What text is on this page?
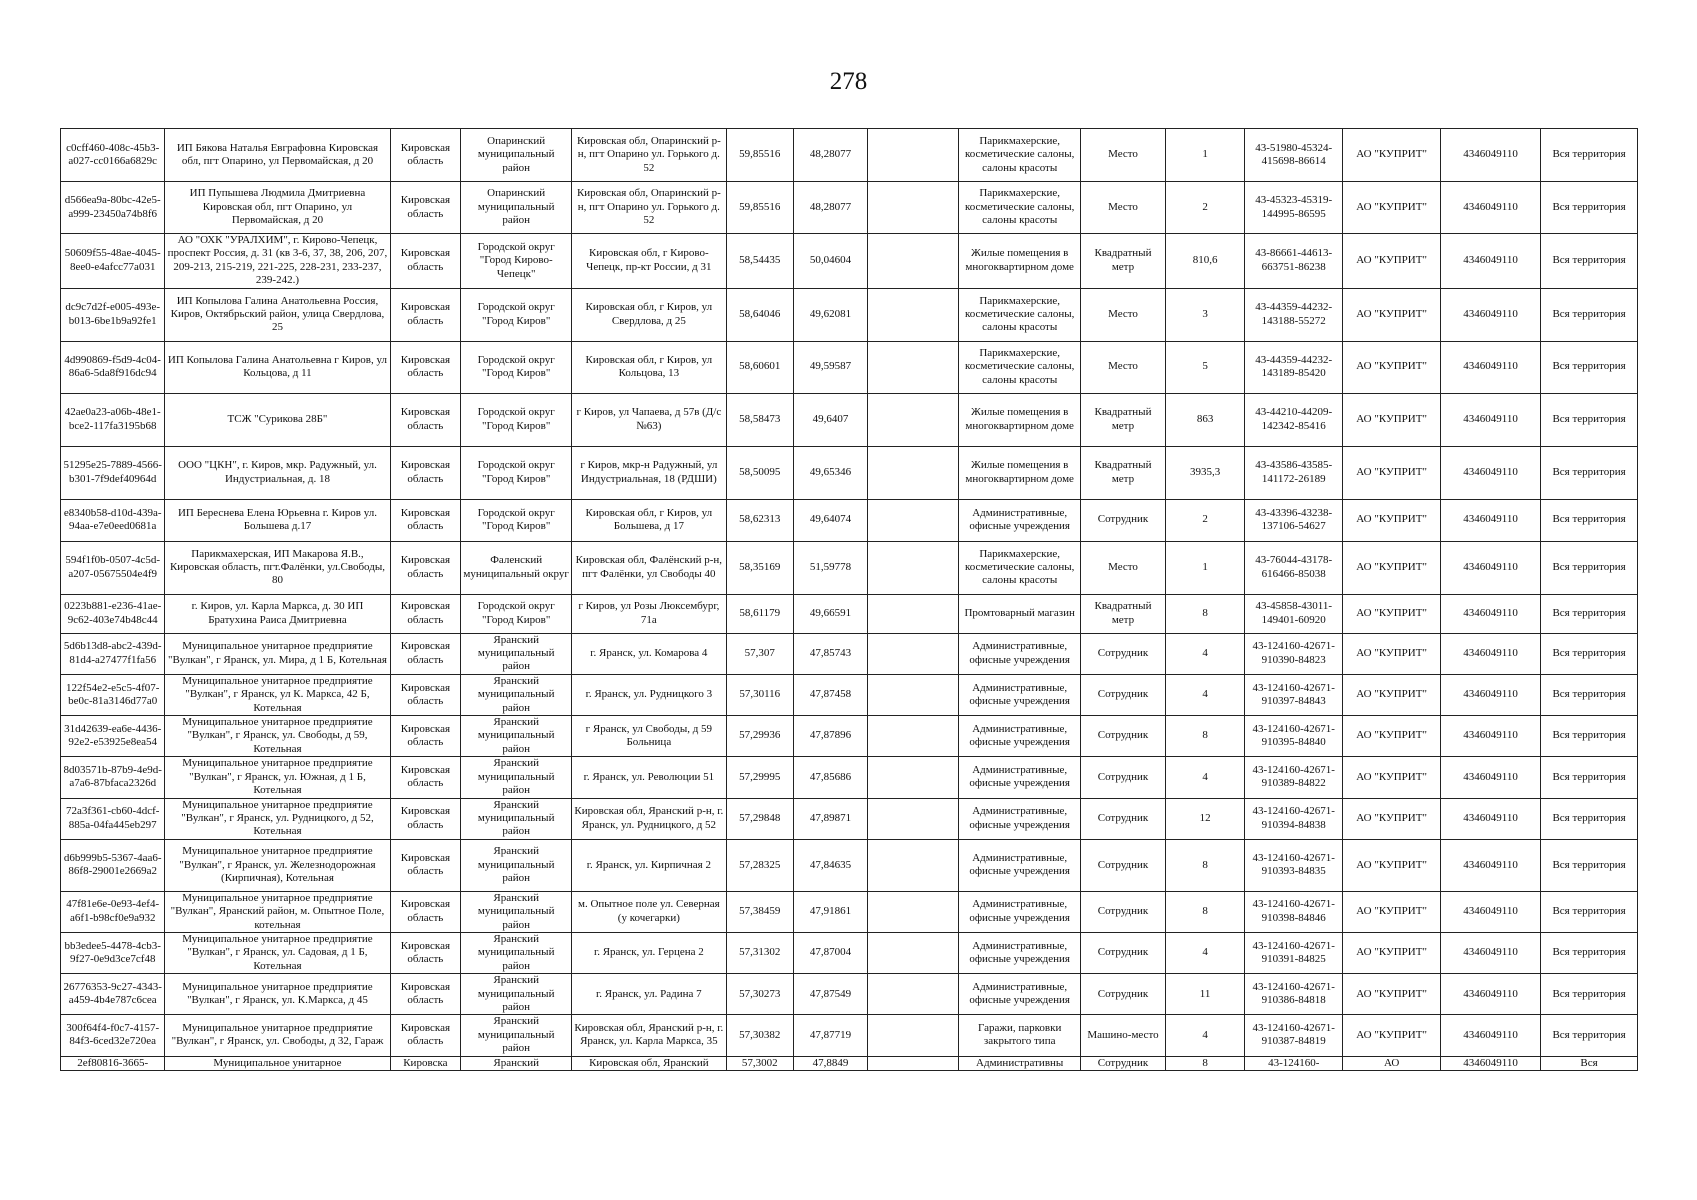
278
c0cff460-408c-45b3-a027-cc0166a6829c	ИП Бякова Наталья Евграфовна Кировская обл, пгт Опарино, ул Первомайская, д 20	Кировская область	Опаринский муниципальный район	Кировская обл, Опаринский р-н, пгт Опарино ул. Горького д. 52	59,85516	48,28077		Парикмахерские, косметические салоны, салоны красоты	Место	1	43-51980-45324-415698-86614	АО "КУПРИТ"	4346049110	Вся территория
d566ea9a-80bc-42e5-a999-23450a74b8f6	ИП Пупышева Людмила Дмитриевна Кировская обл, пгт Опарино, ул Первомайская, д 20	Кировская область	Опаринский муниципальный район	Кировская обл, Опаринский р-н, пгт Опарино ул. Горького д. 52	59,85516	48,28077		Парикмахерские, косметические салоны, салоны красоты	Место	2	43-45323-45319-144995-86595	АО "КУПРИТ"	4346049110	Вся территория
50609f55-48ae-4045-8ee0-e4afcc77a031	АО "ОХК "УРАЛХИМ", г. Кирово-Чепецк, проспект Россия, д. 31 (кв 3-6, 37, 38, 206, 207, 209-213, 215-219, 221-225, 228-231, 233-237, 239-242.)	Кировская область	Городской округ "Город Кирово-Чепецк"	Кировская обл, г Кирово-Чепецк, пр-кт России, д 31	58,54435	50,04604		Жилые помещения в многоквартирном доме	Квадратный метр	810,6	43-86661-44613-663751-86238	АО "КУПРИТ"	4346049110	Вся территория
dc9c7d2f-e005-493e-b013-6be1b9a92fe1	ИП Копылова Галина Анатольевна Россия, Киров, Октябрьский район, улица Свердлова, 25	Кировская область	Городской округ "Город Киров"	Кировская обл, г Киров, ул Свердлова, д 25	58,64046	49,62081		Парикмахерские, косметические салоны, салоны красоты	Место	3	43-44359-44232-143188-55272	АО "КУПРИТ"	4346049110	Вся территория
4d990869-f5d9-4c04-86a6-5da8f916dc94	ИП Копылова Галина Анатольевна г Киров, ул Кольцова, д 11	Кировская область	Городской округ "Город Киров"	Кировская обл, г Киров, ул Кольцова, 13	58,60601	49,59587		Парикмахерские, косметические салоны, салоны красоты	Место	5	43-44359-44232-143189-85420	АО "КУПРИТ"	4346049110	Вся территория
42ae0a23-a06b-48e1-bce2-117fa3195b68	ТСЖ "Сурикова 28Б"	Кировская область	Городской округ "Город Киров"	г Киров, ул Чапаева, д 57в (Д/с №63)	58,58473	49,6407		Жилые помещения в многоквартирном доме	Квадратный метр	863	43-44210-44209-142342-85416	АО "КУПРИТ"	4346049110	Вся территория
51295e25-7889-4566-b301-7f9def40964d	ООО "ЦКН", г. Киров, мкр. Радужный, ул. Индустриальная, д. 18	Кировская область	Городской округ "Город Киров"	г Киров, мкр-н Радужный, ул Индустриальная, 18 (РДШИ)	58,50095	49,65346		Жилые помещения в многоквартирном доме	Квадратный метр	3935,3	43-43586-43585-141172-26189	АО "КУПРИТ"	4346049110	Вся территория
e8340b58-d10d-439a-94aa-e7e0eed0681a	ИП Береснева Елена Юрьевна г. Киров ул. Большева д.17	Кировская область	Городской округ "Город Киров"	Кировская обл, г Киров, ул Большева, д 17	58,62313	49,64074		Административные, офисные учреждения	Сотрудник	2	43-43396-43238-137106-54627	АО "КУПРИТ"	4346049110	Вся территория
594f1f0b-0507-4c5d-a207-05675504e4f9	Парикмахерская, ИП Макарова Я.В., Кировская область, пгт.Фалёнки, ул.Свободы, 80	Кировская область	Фаленский муниципальный округ	Кировская обл, Фалёнский р-н, пгт Фалёнки, ул Свободы 40	58,35169	51,59778		Парикмахерские, косметические салоны, салоны красоты	Место	1	43-76044-43178-616466-85038	АО "КУПРИТ"	4346049110	Вся территория
0223b881-e236-41ae-9c62-403e74b48c44	г. Киров, ул. Карла Маркса, д. 30 ИП Братухина Раиса Дмитриевна	Кировская область	Городской округ "Город Киров"	г Киров, ул Розы Люксембург, 71а	58,61179	49,66591		Промтоварный магазин	Квадратный метр	8	43-45858-43011-149401-60920	АО "КУПРИТ"	4346049110	Вся территория
5d6b13d8-abc2-439d-81d4-a27477f1fa56	Муниципальное унитарное предприятие "Вулкан", г Яранск, ул. Мира, д 1 Б, Котельная	Кировская область	Яранский муниципальный район	г. Яранск, ул. Комарова 4	57,307	47,85743		Административные, офисные учреждения	Сотрудник	4	43-124160-42671-910390-84823	АО "КУПРИТ"	4346049110	Вся территория
122f54e2-e5c5-4f07-be0c-81a3146d77a0	Муниципальное унитарное предприятие "Вулкан", г Яранск, ул К. Маркса, 42 Б, Котельная	Кировская область	Яранский муниципальный район	г. Яранск, ул. Рудницкого 3	57,30116	47,87458		Административные, офисные учреждения	Сотрудник	4	43-124160-42671-910397-84843	АО "КУПРИТ"	4346049110	Вся территория
31d42639-ea6e-4436-92e2-e53925e8ea54	Муниципальное унитарное предприятие "Вулкан", г Яранск, ул. Свободы, д 59, Котельная	Кировская область	Яранский муниципальный район	г Яранск, ул Свободы, д 59 Больница	57,29936	47,87896		Административные, офисные учреждения	Сотрудник	8	43-124160-42671-910395-84840	АО "КУПРИТ"	4346049110	Вся территория
8d03571b-87b9-4e9d-a7a6-87bfaca2326d	Муниципальное унитарное предприятие "Вулкан", г Яранск, ул. Южная, д 1 Б, Котельная	Кировская область	Яранский муниципальный район	г. Яранск, ул. Революции 51	57,29995	47,85686		Административные, офисные учреждения	Сотрудник	4	43-124160-42671-910389-84822	АО "КУПРИТ"	4346049110	Вся территория
72a3f361-cb60-4dcf-885a-04fa445eb297	Муниципальное унитарное предприятие "Вулкан", г Яранск, ул. Рудницкого, д 52, Котельная	Кировская область	Яранский муниципальный район	Кировская обл, Яранский р-н, г. Яранск, ул. Рудницкого, д 52	57,29848	47,89871		Административные, офисные учреждения	Сотрудник	12	43-124160-42671-910394-84838	АО "КУПРИТ"	4346049110	Вся территория
d6b999b5-5367-4aa6-86f8-29001e2669a2	Муниципальное унитарное предприятие "Вулкан", г Яранск, ул. Железнодорожная (Кирпичная), Котельная	Кировская область	Яранский муниципальный район	г. Яранск, ул. Кирпичная 2	57,28325	47,84635		Административные, офисные учреждения	Сотрудник	8	43-124160-42671-910393-84835	АО "КУПРИТ"	4346049110	Вся территория
47f81e6e-0e93-4ef4-a6f1-b98cf0e9a932	Муниципальное унитарное предприятие "Вулкан", Яранский район, м. Опытное Поле, котельная	Кировская область	Яранский муниципальный район	м. Опытное поле ул. Северная (у кочегарки)	57,38459	47,91861		Административные, офисные учреждения	Сотрудник	8	43-124160-42671-910398-84846	АО "КУПРИТ"	4346049110	Вся территория
bb3edee5-4478-4cb3-9f27-0e9d3ce7cf48	Муниципальное унитарное предприятие "Вулкан", г Яранск, ул. Садовая, д 1 Б, Котельная	Кировская область	Яранский муниципальный район	г. Яранск, ул. Герцена 2	57,31302	47,87004		Административные, офисные учреждения	Сотрудник	4	43-124160-42671-910391-84825	АО "КУПРИТ"	4346049110	Вся территория
26776353-9c27-4343-a459-4b4e787c6cea	Муниципальное унитарное предприятие "Вулкан", г Яранск, ул. К.Маркса, д 45	Кировская область	Яранский муниципальный район	г. Яранск, ул. Радина 7	57,30273	47,87549		Административные, офисные учреждения	Сотрудник	11	43-124160-42671-910386-84818	АО "КУПРИТ"	4346049110	Вся территория
300f64f4-f0c7-4157-84f3-6ced32e720ea	Муниципальное унитарное предприятие "Вулкан", г Яранск, ул. Свободы, д 32, Гараж	Кировская область	Яранский муниципальный район	Кировская обл, Яранский р-н, г. Яранск, ул. Карла Маркса, 35	57,30382	47,87719		Гаражи, парковки закрытого типа	Машино-место	4	43-124160-42671-910387-84819	АО "КУПРИТ"	4346049110	Вся территория
2ef80816-3665-	Муниципальное унитарное	Кировска	Яранский	Кировская обл, Яранский	57,3002	47,8849		Административны	Сотрудник	8	43-124160-	АО	4346049110	Вся
